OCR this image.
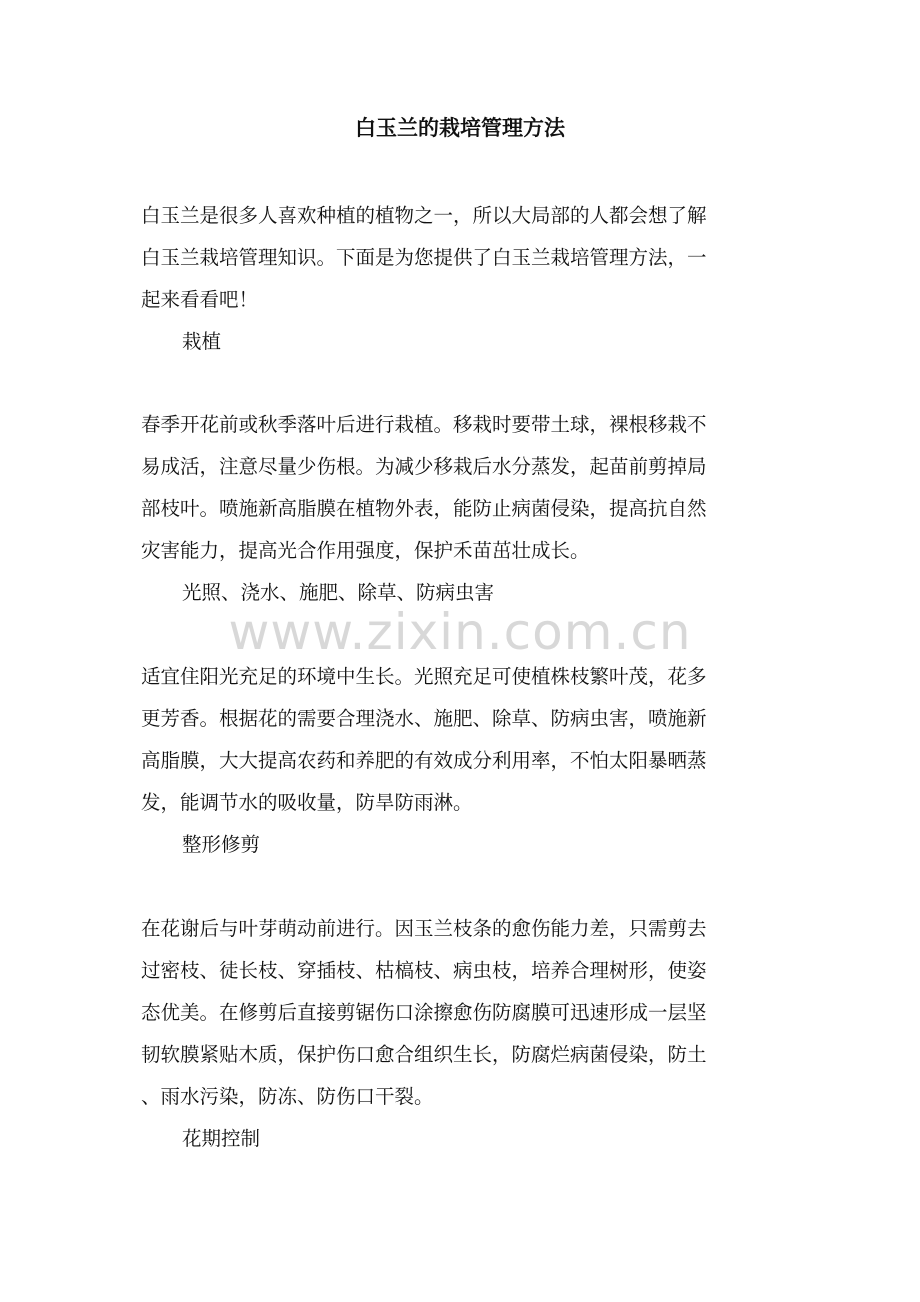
白玉兰的栽培管理方法

白玉兰是很多人喜欢种植的植物之一，所以大局部的人都会想了解
白玉兰栽培管理知识。下面是为您提供了白玉兰栽培管理方法，一
起来看看吧！

栽植

春季开花前或秋季落叶后进行栽植。移栽时要带土球，裸根移栽不
易成活，注意尽量少伤根。为减少移栽后水分蒸发，起苗前剪掉局
部枝叶。喷施新高脂膜在植物外表，能防止病菌侵染，提高抗自然
灾害能力，提高光合作用强度，保护禾苗茁壮成长。

光照、浇水、施肥、除草、防病虫害

www.zixin.com.cn

适宜住阳光充足的环境中生长。光照充足可使植株枝繁叶茂，花多
更芳香。根据花的需要合理浇水、施肥、除草、防病虫害，喷施新
高脂膜，大大提高农药和养肥的有效成分利用率，不怕太阳暴晒蒸
发，能调节水的吸收量，防旱防雨淋。

整形修剪

在花谢后与叶芽萌动前进行。因玉兰枝条的愈伤能力差，只需剪去
过密枝、徒长枝、穿插枝、枯槁枝、病虫枝，培养合理树形，使姿
态优美。在修剪后直接剪锯伤口涂擦愈伤防腐膜可迅速形成一层坚
韧软膜紧贴木质，保护伤口愈合组织生长，防腐烂病菌侵染，防土
、雨水污染，防冻、防伤口干裂。

花期控制
